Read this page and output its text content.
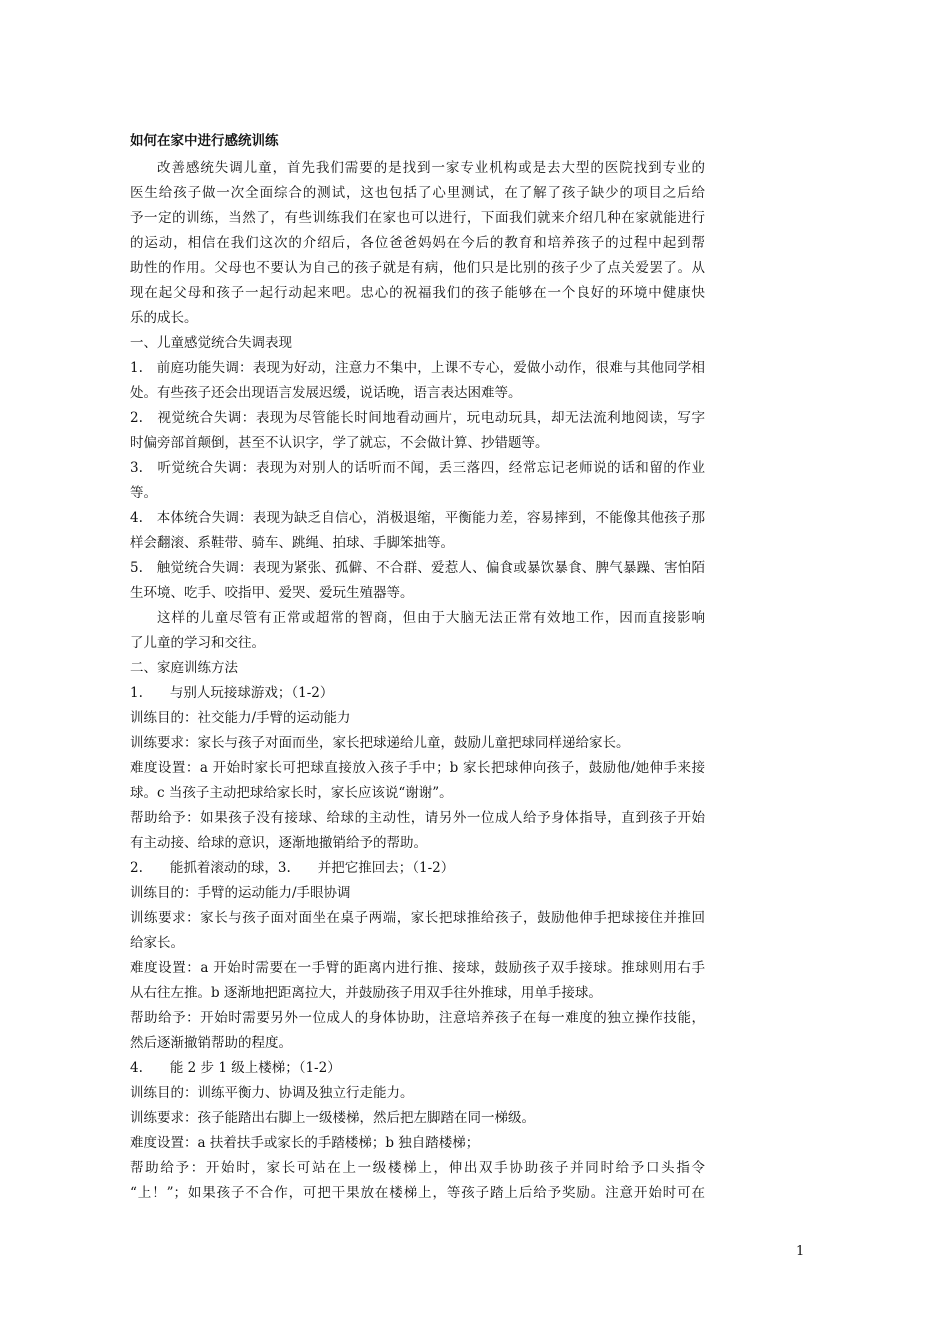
如何在家中进行感统训练
改善感统失调儿童，首先我们需要的是找到一家专业机构或是去大型的医院找到专业的
医生给孩子做一次全面综合的测试，这也包括了心里测试，在了解了孩子缺少的项目之后给
予一定的训练，当然了，有些训练我们在家也可以进行，下面我们就来介绍几种在家就能进行
的运动，相信在我们这次的介绍后，各位爸爸妈妈在今后的教育和培养孩子的过程中起到帮
助性的作用。父母也不要认为自己的孩子就是有病，他们只是比别的孩子少了点关爱罢了。从
现在起父母和孩子一起行动起来吧。忠心的祝福我们的孩子能够在一个良好的环境中健康快
乐的成长。
一、儿童感觉统合失调表现
1.　前庭功能失调：表现为好动，注意力不集中，上课不专心，爱做小动作，很难与其他同学相
处。有些孩子还会出现语言发展迟缓，说话晚，语言表达困难等。
2.　视觉统合失调：表现为尽管能长时间地看动画片，玩电动玩具，却无法流利地阅读，写字
时偏旁部首颠倒，甚至不认识字，学了就忘，不会做计算、抄错题等。
3.　听觉统合失调：表现为对别人的话听而不闻，丢三落四，经常忘记老师说的话和留的作业
等。
4.　本体统合失调：表现为缺乏自信心，消极退缩，平衡能力差，容易摔到，不能像其他孩子那
样会翻滚、系鞋带、骑车、跳绳、拍球、手脚笨拙等。
5.　触觉统合失调：表现为紧张、孤僻、不合群、爱惹人、偏食或暴饮暴食、脾气暴躁、害怕陌
生环境、吃手、咬指甲、爱哭、爱玩生殖器等。
这样的儿童尽管有正常或超常的智商，但由于大脑无法正常有效地工作，因而直接影响
了儿童的学习和交往。
二、家庭训练方法
1.　　与别人玩接球游戏；（1-2）
训练目的：社交能力/手臂的运动能力
训练要求：家长与孩子对面而坐，家长把球递给儿童，鼓励儿童把球同样递给家长。
难度设置：a 开始时家长可把球直接放入孩子手中；b 家长把球伸向孩子，鼓励他/她伸手来接
球。c 当孩子主动把球给家长时，家长应该说“谢谢”。
帮助给予：如果孩子没有接球、给球的主动性，请另外一位成人给予身体指导，直到孩子开始
有主动接、给球的意识，逐渐地撤销给予的帮助。
2.　　能抓着滚动的球，3.　　并把它推回去；（1-2）
训练目的：手臂的运动能力/手眼协调
训练要求：家长与孩子面对面坐在桌子两端，家长把球推给孩子，鼓励他伸手把球接住并推回
给家长。
难度设置：a 开始时需要在一手臂的距离内进行推、接球，鼓励孩子双手接球。推球则用右手
从右往左推。b 逐渐地把距离拉大，并鼓励孩子用双手往外推球，用单手接球。
帮助给予：开始时需要另外一位成人的身体协助，注意培养孩子在每一难度的独立操作技能，
然后逐渐撤销帮助的程度。
4.　　能 2 步 1 级上楼梯；（1-2）
训练目的：训练平衡力、协调及独立行走能力。
训练要求：孩子能踏出右脚上一级楼梯，然后把左脚踏在同一梯级。
难度设置：a 扶着扶手或家长的手踏楼梯；b 独自踏楼梯；
帮助给予：开始时，家长可站在上一级楼梯上，伸出双手协助孩子并同时给予口头指令
“上！”；如果孩子不合作，可把干果放在楼梯上，等孩子踏上后给予奖励。注意开始时可在
1
